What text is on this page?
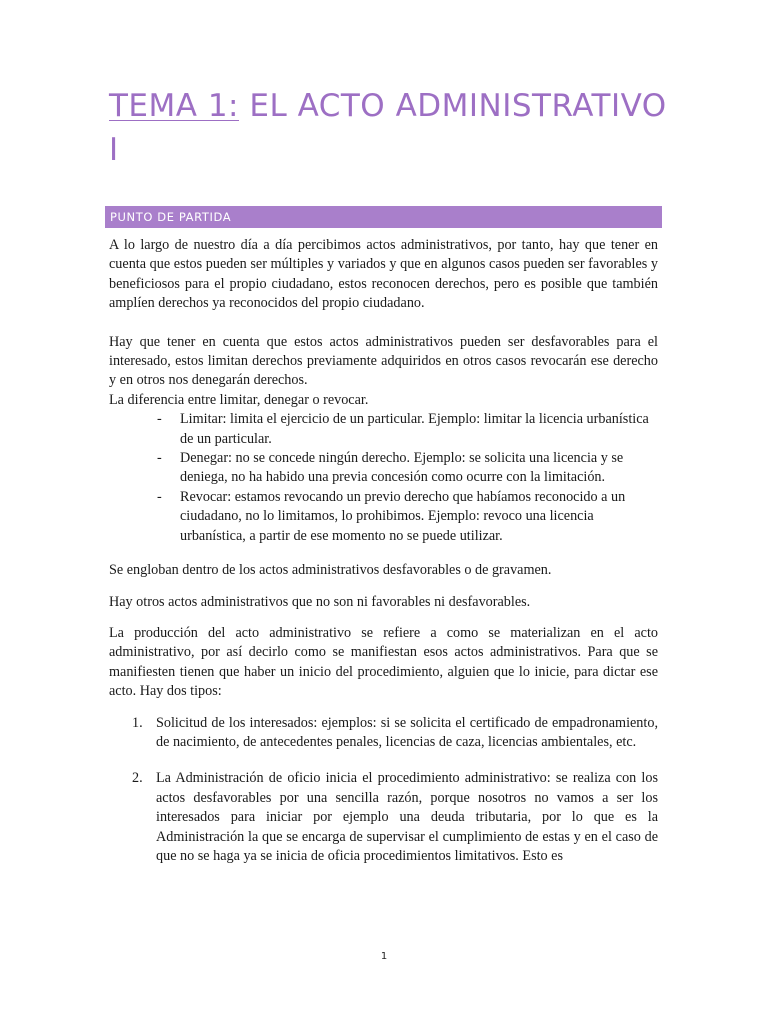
TEMA 1: EL ACTO ADMINISTRATIVO I
PUNTO DE PARTIDA

A lo largo de nuestro día a día percibimos actos administrativos, por tanto, hay que tener en cuenta que estos pueden ser múltiples y variados y que en algunos casos pueden ser favorables y beneficiosos para el propio ciudadano, estos reconocen derechos, pero es posible que también amplíen derechos ya reconocidos del propio ciudadano.

Hay que tener en cuenta que estos actos administrativos pueden ser desfavorables para el interesado, estos limitan derechos previamente adquiridos en otros casos revocarán ese derecho y en otros nos denegarán derechos.

La diferencia entre limitar, denegar o revocar.

- Limitar: limita el ejercicio de un particular. Ejemplo: limitar la licencia urbanística de un particular.
- Denegar: no se concede ningún derecho. Ejemplo: se solicita una licencia y se deniega, no ha habido una previa concesión como ocurre con la limitación.
- Revocar: estamos revocando un previo derecho que habíamos reconocido a un ciudadano, no lo limitamos, lo prohibimos. Ejemplo: revoco una licencia urbanística, a partir de ese momento no se puede utilizar.

Se engloban dentro de los actos administrativos desfavorables o de gravamen.

Hay otros actos administrativos que no son ni favorables ni desfavorables.

La producción del acto administrativo se refiere a como se materializan en el acto administrativo, por así decirlo como se manifiestan esos actos administrativos. Para que se manifiesten tienen que haber un inicio del procedimiento, alguien que lo inicie, para dictar ese acto. Hay dos tipos:

1. Solicitud de los interesados: ejemplos: si se solicita el certificado de empadronamiento, de nacimiento, de antecedentes penales, licencias de caza, licencias ambientales, etc.
2. La Administración de oficio inicia el procedimiento administrativo: se realiza con los actos desfavorables por una sencilla razón, porque nosotros no vamos a ser los interesados para iniciar por ejemplo una deuda tributaria, por lo que es la Administración la que se encarga de supervisar el cumplimiento de estas y en el caso de que no se haga ya se inicia de oficia procedimientos limitativos. Esto es
1
